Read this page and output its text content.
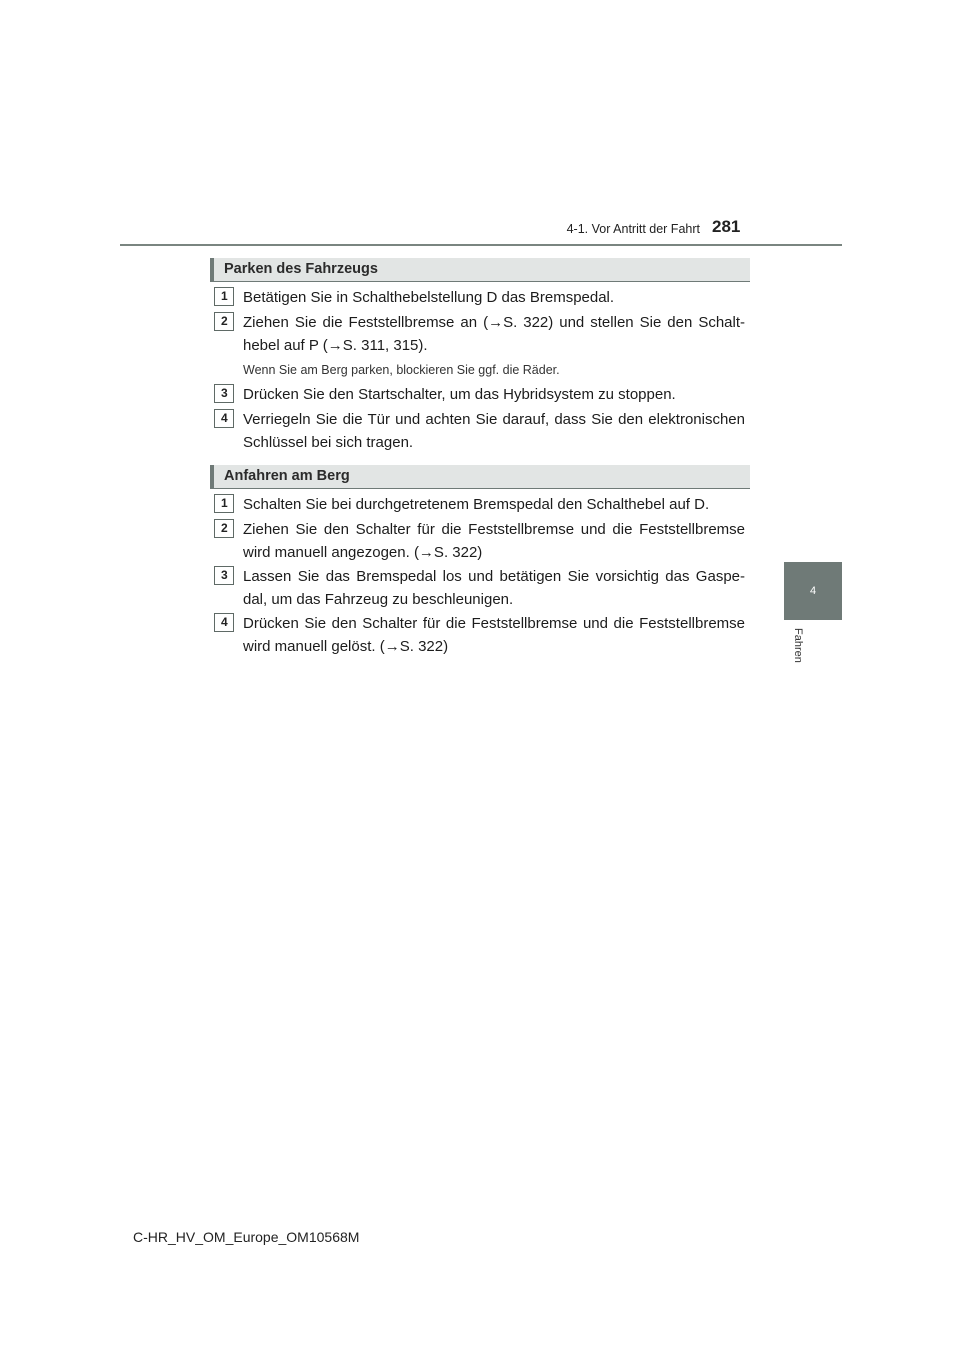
4-1. Vor Antritt der Fahrt 281
4
Fahren
Parken des Fahrzeugs
1	Betätigen Sie in Schalthebelstellung D das Bremspedal.
2	Ziehen Sie die Feststellbremse an (→S. 322) und stellen Sie den Schalt-hebel auf P (→S. 311, 315).
Wenn Sie am Berg parken, blockieren Sie ggf. die Räder.
3	Drücken Sie den Startschalter, um das Hybridsystem zu stoppen.
4	Verriegeln Sie die Tür und achten Sie darauf, dass Sie den elektronischen Schlüssel bei sich tragen.
Anfahren am Berg
1	Schalten Sie bei durchgetretenem Bremspedal den Schalthebel auf D.
2	Ziehen Sie den Schalter für die Feststellbremse und die Feststellbremse wird manuell angezogen. (→S. 322)
3	Lassen Sie das Bremspedal los und betätigen Sie vorsichtig das Gaspe-dal, um das Fahrzeug zu beschleunigen.
4	Drücken Sie den Schalter für die Feststellbremse und die Feststellbremse wird manuell gelöst. (→S. 322)
C-HR_HV_OM_Europe_OM10568M
